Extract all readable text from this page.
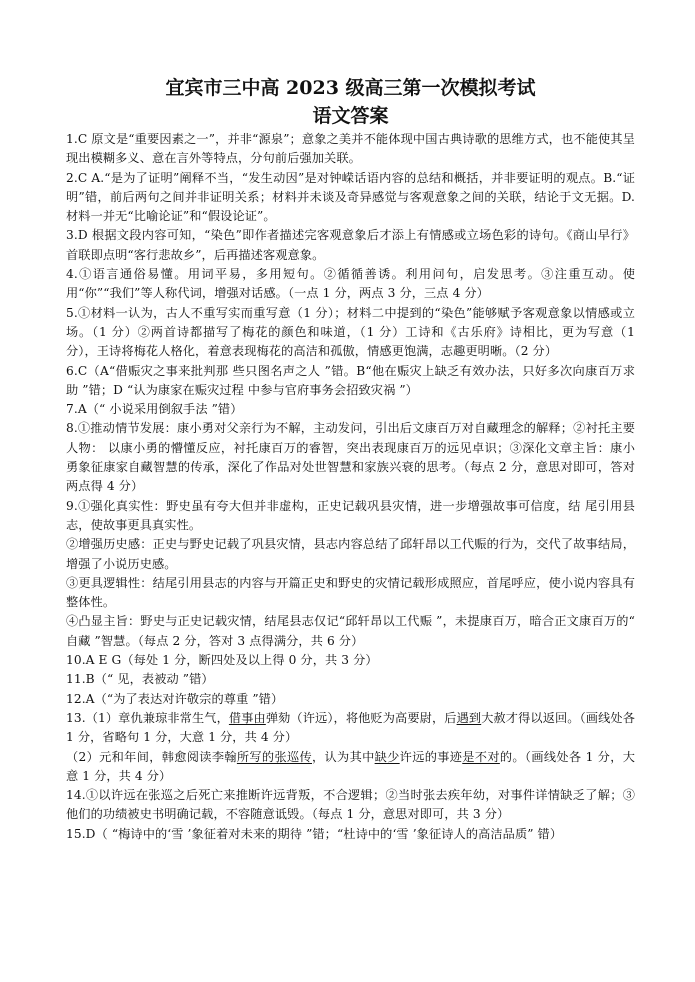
宜宾市三中高 2023 级高三第一次模拟考试
语文答案

1.C 原文是“重要因素之一”，并非“源泉”；意象之美并不能体现中国古典诗歌的思维方式，也不能使其呈现出模糊多义、意在言外等特点，分句前后强加关联。

2.C A.“是为了证明”阐释不当，“发生动因”是对钟嵘话语内容的总结和概括，并非要证明的观点。B.“证明”错，前后两句之间并非证明关系；材料并未谈及奇异感觉与客观意象之间的关联，结论于文无据。D.材料一并无“比喻论证”和“假设论证”。

3.D 根据文段内容可知，“染色”即作者描述完客观意象后才添上有情感或立场色彩的诗句。《商山早行》首联即点明“客行悲故乡”，后再描述客观意象。

4.①语言通俗易懂。用词平易，多用短句。②循循善诱。利用问句，启发思考。③注重互动。使用“你”“我们”等人称代词，增强对话感。（一点 1 分，两点 3 分，三点 4 分）

5.①材料一认为，古人不重写实而重写意（1 分）；材料二中提到的“染色”能够赋予客观意象以情感或立场。（1 分）②两首诗都描写了梅花的颜色和味道，（1 分）工诗和《古乐府》诗相比，更为写意（1 分），王诗将梅花人格化，着意表现梅花的高洁和孤傲，情感更饱满，志趣更明晰。（2 分）

6.C（A“借赈灾之事来批判那 些只图名声之人 ”错。B“他在赈灾上缺乏有效办法，只好多次向康百万求助 ”错；D “认为康家在赈灾过程 中参与官府事务会招致灾祸 ”）

7.A（“ 小说采用倒叙手法 ”错）

8.①推动情节发展：康小勇对父亲行为不解，主动发问，引出后文康百万对自藏理念的解释；②衬托主要人物： 以康小勇的懵懂反应，衬托康百万的睿智，突出表现康百万的远见卓识；③深化文章主旨：康小勇象征康家自藏智慧的传承，深化了作品对处世智慧和家族兴衰的思考。（每点 2 分，意思对即可，答对两点得 4 分）

9.①强化真实性：野史虽有夸大但并非虚构，正史记载巩县灾情，进一步增强故事可信度，结 尾引用县志，使故事更具真实性。

②增强历史感：正史与野史记载了巩县灾情，县志内容总结了邱轩昂以工代赈的行为，交代了故事结局，增强了小说历史感。

③更具逻辑性：结尾引用县志的内容与开篇正史和野史的灾情记载形成照应，首尾呼应，使小说内容具有整体性。

④凸显主旨：野史与正史记载灾情，结尾县志仅记“邱轩昂以工代赈 ”，未提康百万，暗合正文康百万的“ 自藏 ”智慧。（每点 2 分，答对 3 点得满分，共 6 分）

10.A E G（每处 1 分，断四处及以上得 0 分，共 3 分）

11.B（“ 见，表被动 ”错）

12.A（“为了表达对许敬宗的尊重 ”错）

13.（1）章仇兼琼非常生气，借事由弹劾（许远），将他贬为高要尉，后遇到大赦才得以返回。（画线处各 1 分，省略句 1 分，大意 1 分，共 4 分）

（2）元和年间，韩愈阅读李翰所写的张巡传，认为其中缺少许远的事迹是不对的。（画线处各 1 分，大意 1 分，共 4 分）

14.①以许远在张巡之后死亡来推断许远背叛，不合逻辑；②当时张去疾年幼，对事件详情缺乏了解；③他们的功绩被史书明确记载，不容随意诋毁。（每点 1 分，意思对即可，共 3 分）

15.D（ “梅诗中的‘雪 ’象征着对未来的期待 ”错；“杜诗中的‘雪 ’象征诗人的高洁品质” 错）
